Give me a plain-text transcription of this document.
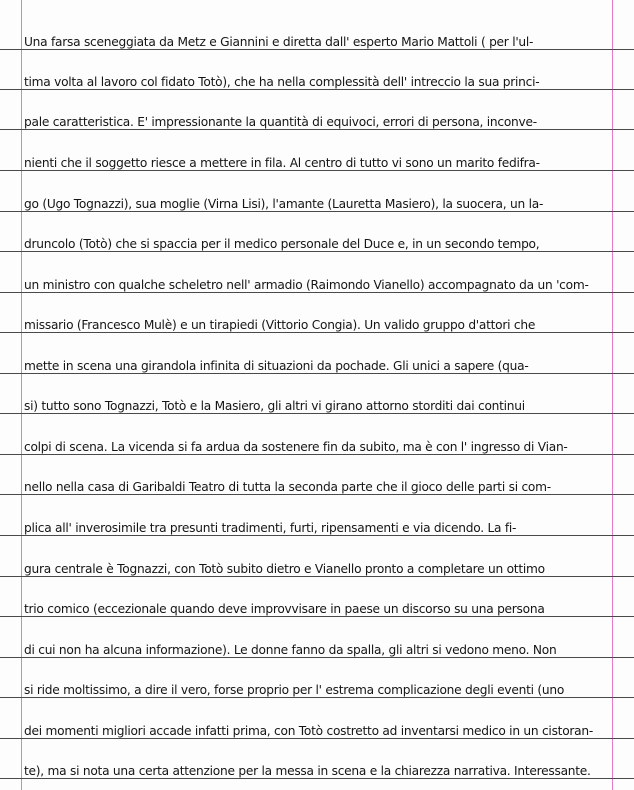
Una farsa sceneggiata da Metz e Giannini e diretta dall' esperto Mario Mattoli ( per l'ul-
tima volta al lavoro col fidato Totò), che ha nella complessità dell' intreccio la sua princi-
pale caratteristica. E' impressionante la quantità di equivoci, errori di persona, inconve-
nienti che il soggetto riesce a mettere in fila. Al centro di tutto vi sono un marito fedifra-
go (Ugo Tognazzi), sua moglie (Virna Lisi), l'amante (Lauretta Masiero), la suocera, un la-
druncolo (Totò) che si spaccia per il medico personale del Duce e, in un secondo tempo,
un ministro con qualche scheletro nell' armadio (Raimondo Vianello) accompagnato da un 'com-
missario (Francesco Mulè) e un tirapiedi (Vittorio Congia). Un valido gruppo d'attori che
mette in scena una girandola infinita di situazioni da pochade. Gli unici a sapere (qua-
si) tutto sono Tognazzi, Totò e la Masiero, gli altri vi girano attorno storditi dai continui
colpi di scena. La vicenda si fa ardua da sostenere fin da subito, ma è con l' ingresso di Vian-
nello nella casa di Garibaldi Teatro di tutta la seconda parte che il gioco delle parti si com-
plica all' inverosimile tra presunti tradimenti, furti, ripensamenti e via dicendo. La fi-
gura centrale è Tognazzi, con Totò subito dietro e Vianello pronto a completare un ottimo
trio comico (eccezionale quando deve improvvisare in paese un discorso su una persona
di cui non ha alcuna informazione). Le donne fanno da spalla, gli altri si vedono meno. Non
si ride moltissimo, a dire il vero, forse proprio per l' estrema complicazione degli eventi (uno
dei momenti migliori accade infatti prima, con Totò costretto ad inventarsi medico in un cistoran-
te), ma si nota una certa attenzione per la messa in scena e la chiarezza narrativa. Interessante.
